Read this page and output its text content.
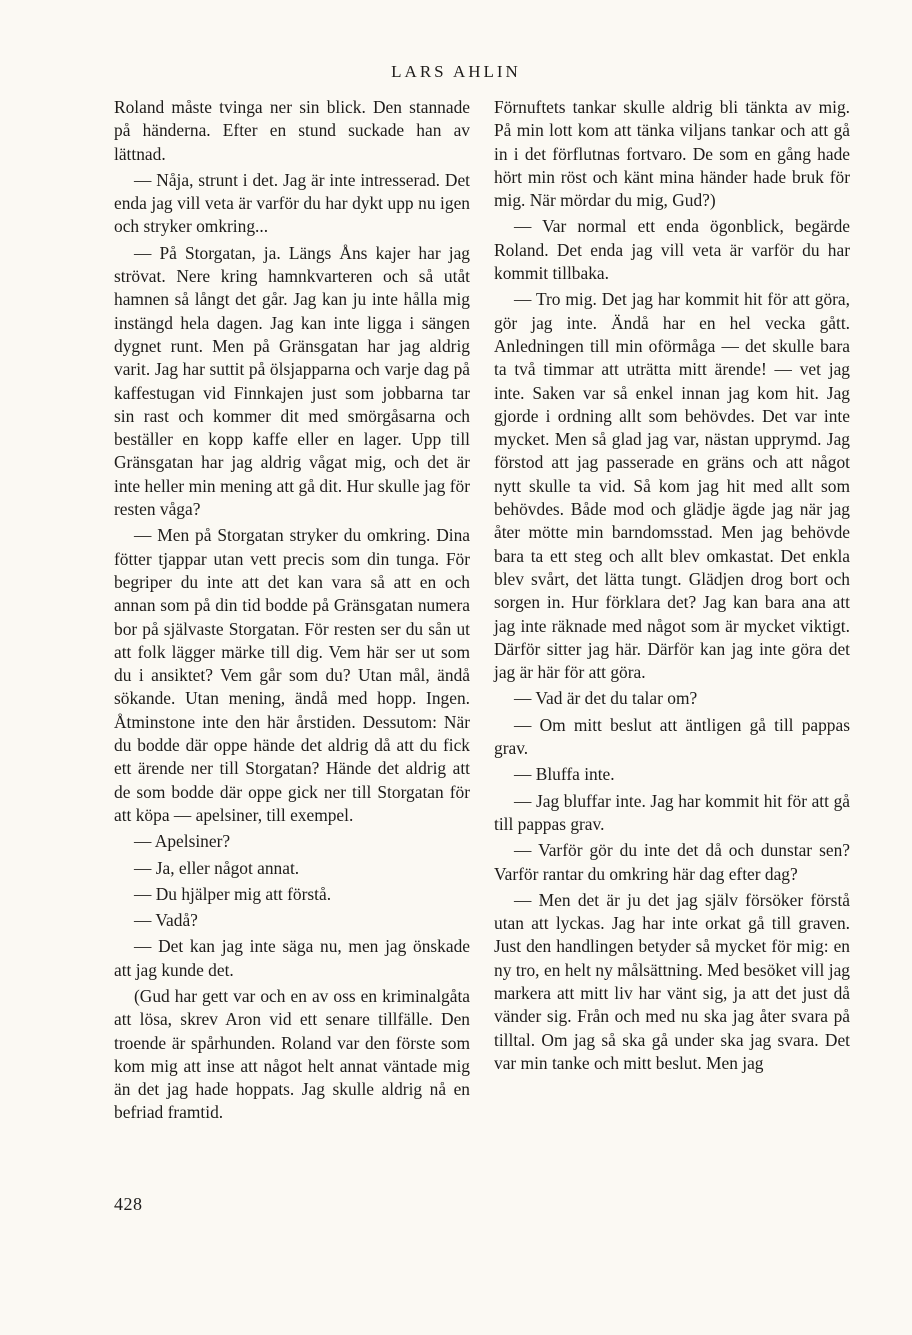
LARS AHLIN

Roland måste tvinga ner sin blick. Den stannade på händerna. Efter en stund suckade han av lättnad.

— Nåja, strunt i det. Jag är inte intresserad. Det enda jag vill veta är varför du har dykt upp nu igen och stryker omkring...

— På Storgatan, ja. Längs Åns kajer har jag strövat. Nere kring hamnkvarteren och så utåt hamnen så långt det går. Jag kan ju inte hålla mig instängd hela dagen. Jag kan inte ligga i sängen dygnet runt. Men på Gränsgatan har jag aldrig varit. Jag har suttit på ölsjapparna och varje dag på kaffestugan vid Finnkajen just som jobbarna tar sin rast och kommer dit med smörgåsarna och beställer en kopp kaffe eller en lager. Upp till Gränsgatan har jag aldrig vågat mig, och det är inte heller min mening att gå dit. Hur skulle jag för resten våga?

— Men på Storgatan stryker du omkring. Dina fötter tjappar utan vett precis som din tunga. För begriper du inte att det kan vara så att en och annan som på din tid bodde på Gränsgatan numera bor på självaste Storgatan. För resten ser du sån ut att folk lägger märke till dig. Vem här ser ut som du i ansiktet? Vem går som du? Utan mål, ändå sökande. Utan mening, ändå med hopp. Ingen. Åtminstone inte den här årstiden. Dessutom: När du bodde där oppe hände det aldrig då att du fick ett ärende ner till Storgatan? Hände det aldrig att de som bodde där oppe gick ner till Storgatan för att köpa — apelsiner, till exempel.

— Apelsiner?

— Ja, eller något annat.

— Du hjälper mig att förstå.

— Vadå?

— Det kan jag inte säga nu, men jag önskade att jag kunde det.

(Gud har gett var och en av oss en kriminalgåta att lösa, skrev Aron vid ett senare tillfälle. Den troende är spårhunden. Roland var den förste som kom mig att inse att något helt annat väntade mig än det jag hade hoppats. Jag skulle aldrig nå en befriad framtid.

Förnuftets tankar skulle aldrig bli tänkta av mig. På min lott kom att tänka viljans tankar och att gå in i det förflutnas fortvaro. De som en gång hade hört min röst och känt mina händer hade bruk för mig. När mördar du mig, Gud?)

— Var normal ett enda ögonblick, begärde Roland. Det enda jag vill veta är varför du har kommit tillbaka.

— Tro mig. Det jag har kommit hit för att göra, gör jag inte. Ändå har en hel vecka gått. Anledningen till min oförmåga — det skulle bara ta två timmar att uträtta mitt ärende! — vet jag inte. Saken var så enkel innan jag kom hit. Jag gjorde i ordning allt som behövdes. Det var inte mycket. Men så glad jag var, nästan upprymd. Jag förstod att jag passerade en gräns och att något nytt skulle ta vid. Så kom jag hit med allt som behövdes. Både mod och glädje ägde jag när jag åter mötte min barndomsstad. Men jag behövde bara ta ett steg och allt blev omkastat. Det enkla blev svårt, det lätta tungt. Glädjen drog bort och sorgen in. Hur förklara det? Jag kan bara ana att jag inte räknade med något som är mycket viktigt. Därför sitter jag här. Därför kan jag inte göra det jag är här för att göra.

— Vad är det du talar om?

— Om mitt beslut att äntligen gå till pappas grav.

— Bluffa inte.

— Jag bluffar inte. Jag har kommit hit för att gå till pappas grav.

— Varför gör du inte det då och dunstar sen? Varför rantar du omkring här dag efter dag?

— Men det är ju det jag själv försöker förstå utan att lyckas. Jag har inte orkat gå till graven. Just den handlingen betyder så mycket för mig: en ny tro, en helt ny målsättning. Med besöket vill jag markera att mitt liv har vänt sig, ja att det just då vänder sig. Från och med nu ska jag åter svara på tilltal. Om jag så ska gå under ska jag svara. Det var min tanke och mitt beslut. Men jag

428
